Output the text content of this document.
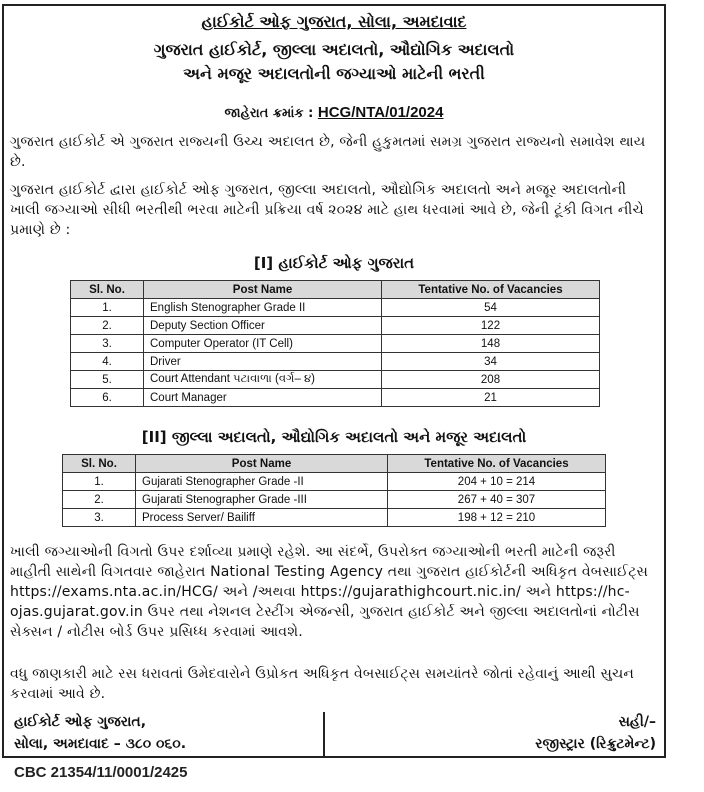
હાઈકોર્ટ ઓફ ગુજરાત, સોલા, અમદાવાદ
ગુજરાત હાઈકોર્ટ, જીલ્લા અદાલતો, ઔદ્યોગિક અદાલતો
અને મજૂર અદાલતોની જગ્યાઓ માટેની ભરતી
જાહેરાત ક્રમાંક : HCG/NTA/01/2024
ગુજરાત હાઈકોર્ટ એ ગુજરાત રાજ્યની ઉચ્ચ અદાલત છે, જેની હુકુમતમાં સમગ્ર ગુજરાત રાજ્યનો સમાવેશ થાય છે.
ગુજરાત હાઈકોર્ટ દ્વારા હાઈકોર્ટ ઓફ ગુજરાત, જીલ્લા અદાલતો, ઔદ્યોગિક અદાલતો અને મજૂર અદાલતોની ખાલી જગ્યાઓ સીધી ભરતીથી ભરવા માટેની પ્રક્રિયા વર્ષ ૨૦૨૪ માટે હાથ ધરવામાં આવે છે, જેની ટૂંકી વિગત નીચે પ્રમાણે છે :
[I] હાઈકોર્ટ ઓફ ગુજરાત
Sl. No.	Post Name	Tentative No. of Vacancies
1.	English Stenographer Grade II	54
2.	Deputy Section Officer	122
3.	Computer Operator (IT Cell)	148
4.	Driver	34
5.	Court Attendant પટાવાળા (વર્ગ– ૪)	208
6.	Court Manager	21
[II] જીલ્લા અદાલતો, ઔદ્યોગિક અદાલતો અને મજૂર અદાલતો
Sl. No.	Post Name	Tentative No. of Vacancies
1.	Gujarati Stenographer Grade -II	204 + 10 = 214
2.	Gujarati Stenographer Grade -III	267 + 40 = 307
3.	Process Server/ Bailiff	198 + 12 = 210
ખાલી જગ્યાઓની વિગતો ઉપર દર્શાવ્યા પ્રમાણે રહેશે. આ સંદર્ભે, ઉપરોક્ત જગ્યાઓની ભરતી માટેની જરૂરી માહીતી સાથેની વિગતવાર જાહેરાત National Testing Agency તથા ગુજરાત હાઈકોર્ટની અધિકૃત વેબસાઈટ્સ https://exams.nta.ac.in/HCG/ અને /અથવા https://gujarathighcourt.nic.in/ અને https://hc-ojas.gujarat.gov.in ઉપર તથા નેશનલ ટેસ્ટીંગ એજન્સી, ગુજરાત હાઈકોર્ટ અને જીલ્લા અદાલતોનાં નોટીસ સેક્સન / નોટીસ બોર્ડ ઉપર પ્રસિધ્ધ કરવામાં આવશે.
વધુ જાણકારી માટે રસ ધરાવતાં ઉમેદવારોને ઉપ્રોકત અધિકૃત વેબસાઈટ્સ સમયાંતરે જોતાં રહેવાનું આથી સુચન કરવામાં આવે છે.
હાઈકોર્ટ ઓફ ગુજરાત,
સોલા, અમદાવાદ – ૩૮૦ ૦૬૦.
સહી/–
રજીસ્ટ્રાર (રિક્રુટમેન્ટ)
CBC 21354/11/0001/2425
